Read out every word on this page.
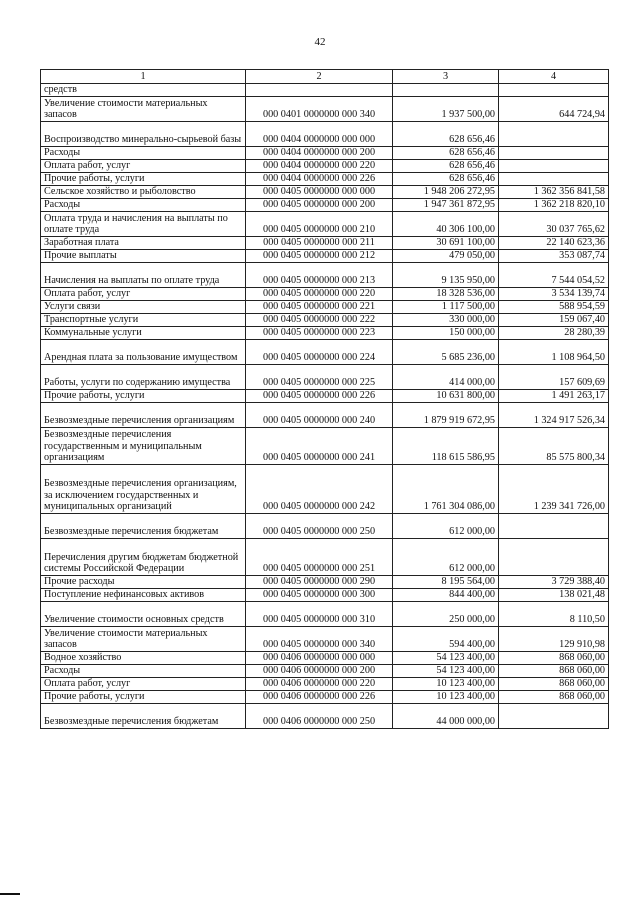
42
1	2	3	4
средств			
Увеличение стоимости материальных запасов	000 0401 0000000 000 340	1 937 500,00	644 724,94
Воспроизводство минерально-сырьевой базы	000 0404 0000000 000 000	628 656,46	
Расходы	000 0404 0000000 000 200	628 656,46	
Оплата работ, услуг	000 0404 0000000 000 220	628 656,46	
Прочие работы, услуги	000 0404 0000000 000 226	628 656,46	
Сельское хозяйство и рыболовство	000 0405 0000000 000 000	1 948 206 272,95	1 362 356 841,58
Расходы	000 0405 0000000 000 200	1 947 361 872,95	1 362 218 820,10
Оплата труда и начисления на выплаты по оплате труда	000 0405 0000000 000 210	40 306 100,00	30 037 765,62
Заработная плата	000 0405 0000000 000 211	30 691 100,00	22 140 623,36
Прочие выплаты	000 0405 0000000 000 212	479 050,00	353 087,74
Начисления на выплаты по оплате труда	000 0405 0000000 000 213	9 135 950,00	7 544 054,52
Оплата работ, услуг	000 0405 0000000 000 220	18 328 536,00	3 534 139,74
Услуги связи	000 0405 0000000 000 221	1 117 500,00	588 954,59
Транспортные услуги	000 0405 0000000 000 222	330 000,00	159 067,40
Коммунальные услуги	000 0405 0000000 000 223	150 000,00	28 280,39
Арендная плата за пользование имуществом	000 0405 0000000 000 224	5 685 236,00	1 108 964,50
Работы, услуги по содержанию имущества	000 0405 0000000 000 225	414 000,00	157 609,69
Прочие работы, услуги	000 0405 0000000 000 226	10 631 800,00	1 491 263,17
Безвозмездные перечисления организациям	000 0405 0000000 000 240	1 879 919 672,95	1 324 917 526,34
Безвозмездные перечисления государственным и муниципальным организациям	000 0405 0000000 000 241	118 615 586,95	85 575 800,34
Безвозмездные перечисления организациям, за исключением государственных и муниципальных организаций	000 0405 0000000 000 242	1 761 304 086,00	1 239 341 726,00
Безвозмездные перечисления бюджетам	000 0405 0000000 000 250	612 000,00	
Перечисления другим бюджетам бюджетной системы Российской Федерации	000 0405 0000000 000 251	612 000,00	
Прочие расходы	000 0405 0000000 000 290	8 195 564,00	3 729 388,40
Поступление нефинансовых активов	000 0405 0000000 000 300	844 400,00	138 021,48
Увеличение стоимости основных средств	000 0405 0000000 000 310	250 000,00	8 110,50
Увеличение стоимости материальных запасов	000 0405 0000000 000 340	594 400,00	129 910,98
Водное хозяйство	000 0406 0000000 000 000	54 123 400,00	868 060,00
Расходы	000 0406 0000000 000 200	54 123 400,00	868 060,00
Оплата работ, услуг	000 0406 0000000 000 220	10 123 400,00	868 060,00
Прочие работы, услуги	000 0406 0000000 000 226	10 123 400,00	868 060,00
Безвозмездные перечисления бюджетам	000 0406 0000000 000 250	44 000 000,00	
